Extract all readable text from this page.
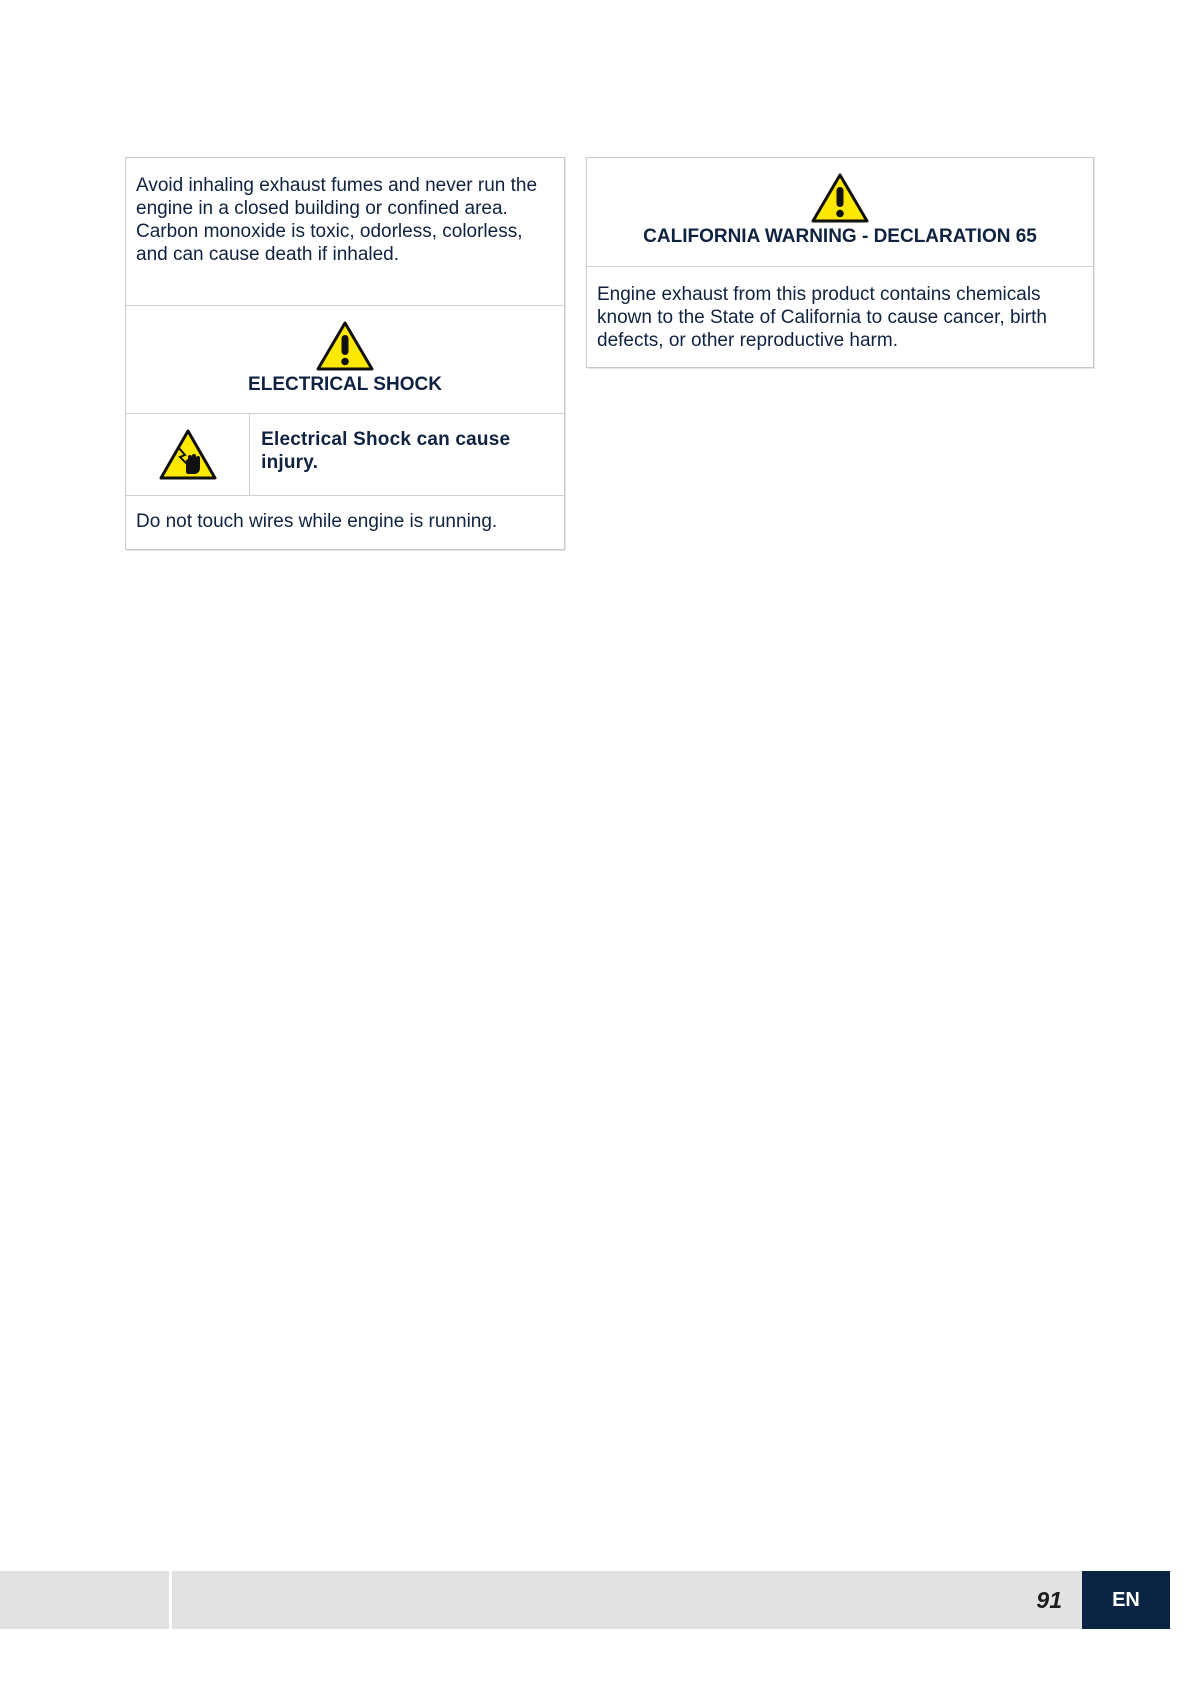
Avoid inhaling exhaust fumes and never run the engine in a closed building or confined area.
Carbon monoxide is toxic, odorless, colorless, and can cause death if inhaled.
ELECTRICAL SHOCK
Electrical Shock can cause injury.
Do not touch wires while engine is running.
CALIFORNIA WARNING - DECLARATION 65
Engine exhaust from this product contains chemicals known to the State of California to cause cancer, birth defects, or other reproductive harm.
91	EN
